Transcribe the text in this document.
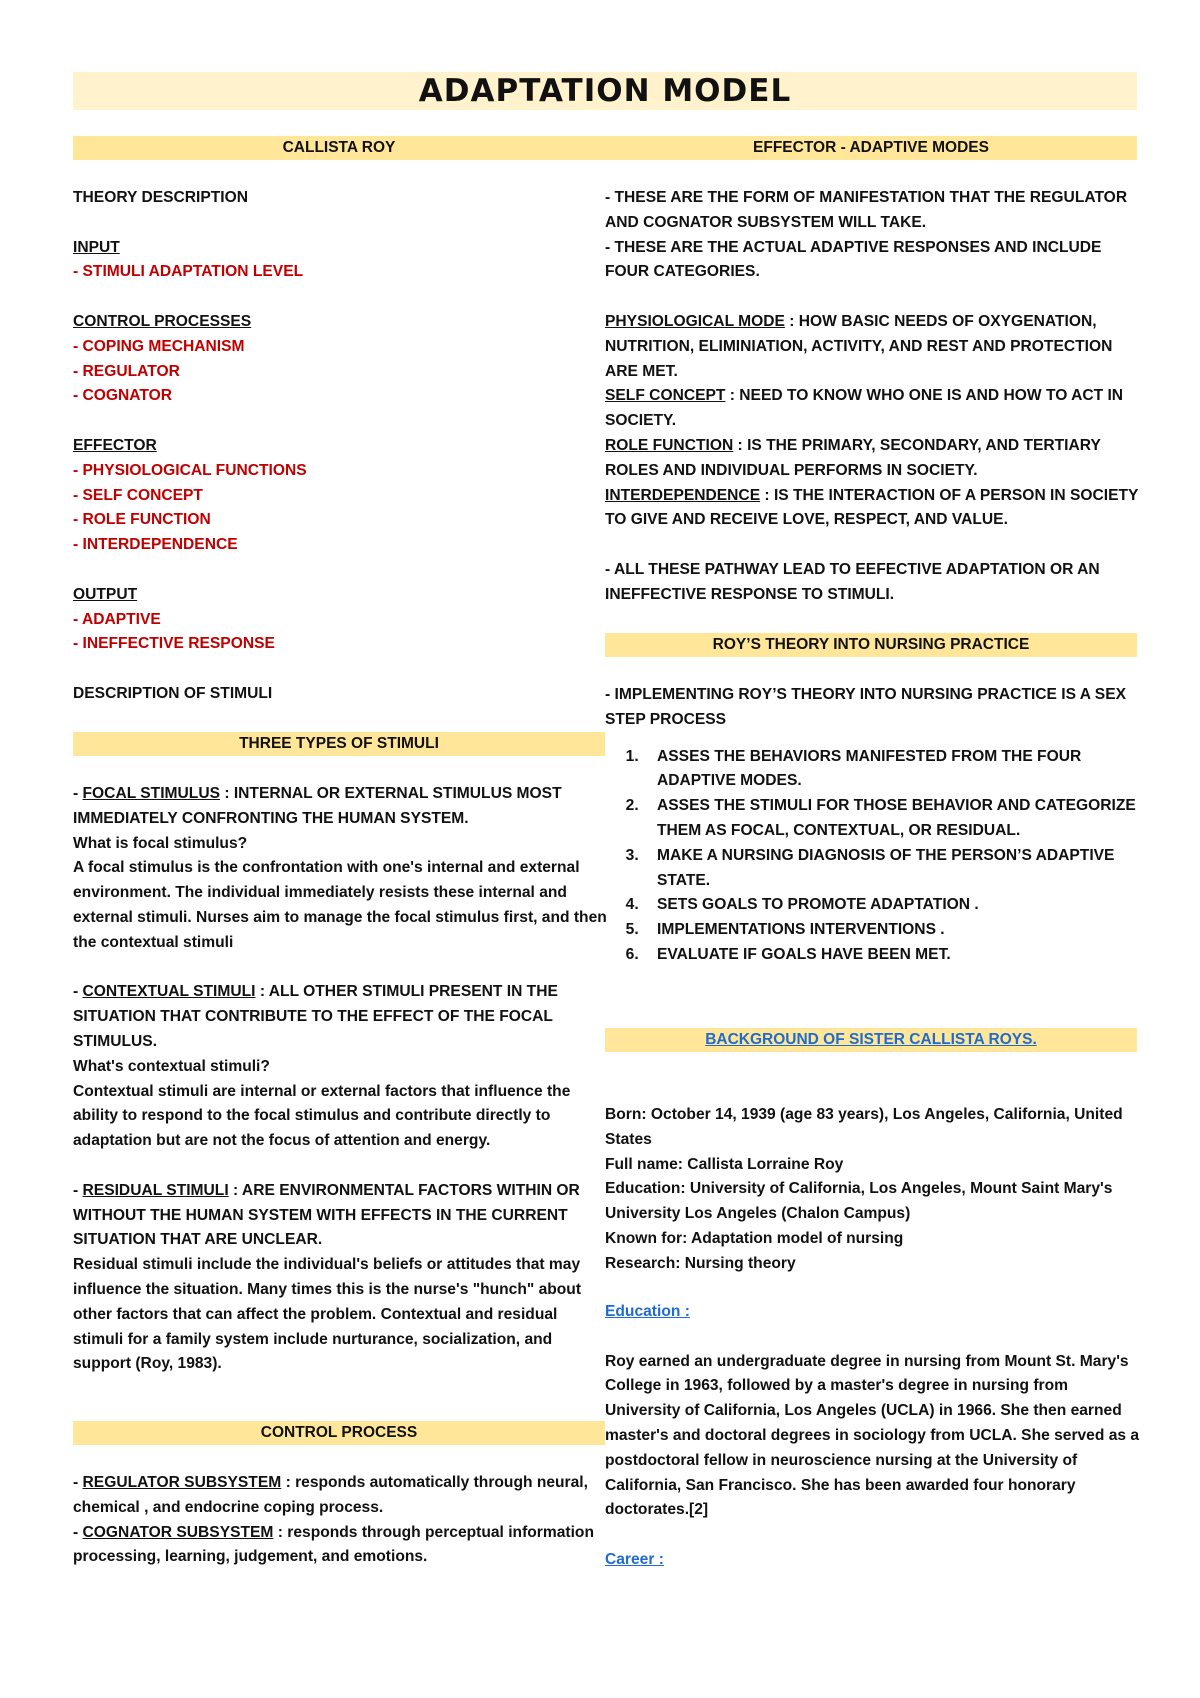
ADAPTATION MODEL
CALLISTA ROY	EFFECTOR - ADAPTIVE MODES

THEORY DESCRIPTION

INPUT

- STIMULI ADAPTATION LEVEL

CONTROL PROCESSES

- COPING MECHANISM

- REGULATOR

- COGNATOR

EFFECTOR

- PHYSIOLOGICAL FUNCTIONS

- SELF CONCEPT

- ROLE FUNCTION

- INTERDEPENDENCE

OUTPUT

- ADAPTIVE

- INEFFECTIVE RESPONSE

DESCRIPTION OF STIMULI

THREE TYPES OF STIMULI

- FOCAL STIMULUS : INTERNAL OR EXTERNAL STIMULUS MOST IMMEDIATELY CONFRONTING THE HUMAN SYSTEM.

What is focal stimulus?

A focal stimulus is the confrontation with one's internal and external environment. The individual immediately resists these internal and external stimuli. Nurses aim to manage the focal stimulus first, and then the contextual stimuli

- CONTEXTUAL STIMULI : ALL OTHER STIMULI PRESENT IN THE SITUATION THAT CONTRIBUTE TO THE EFFECT OF THE FOCAL STIMULUS.

What's contextual stimuli?

Contextual stimuli are internal or external factors that influence the ability to respond to the focal stimulus and contribute directly to adaptation but are not the focus of attention and energy.

- RESIDUAL STIMULI : ARE ENVIRONMENTAL FACTORS WITHIN OR WITHOUT THE HUMAN SYSTEM WITH EFFECTS IN THE CURRENT SITUATION THAT ARE UNCLEAR.

Residual stimuli include the individual's beliefs or attitudes that may influence the situation. Many times this is the nurse's "hunch" about other factors that can affect the problem. Contextual and residual stimuli for a family system include nurturance, socialization, and support (Roy, 1983).

CONTROL PROCESS

- REGULATOR SUBSYSTEM : responds automatically through neural, chemical , and endocrine coping process.

- COGNATOR SUBSYSTEM : responds through perceptual information processing, learning, judgement, and emotions.

- THESE ARE THE FORM OF MANIFESTATION THAT THE REGULATOR AND COGNATOR SUBSYSTEM WILL TAKE.

- THESE ARE THE ACTUAL ADAPTIVE RESPONSES AND INCLUDE FOUR CATEGORIES.

PHYSIOLOGICAL MODE : HOW BASIC NEEDS OF OXYGENATION, NUTRITION, ELIMINIATION, ACTIVITY, AND REST AND PROTECTION ARE MET.

SELF CONCEPT : NEED TO KNOW WHO ONE IS AND HOW TO ACT IN SOCIETY.

ROLE FUNCTION : IS THE PRIMARY, SECONDARY, AND TERTIARY ROLES AND INDIVIDUAL PERFORMS IN SOCIETY.

INTERDEPENDENCE : IS THE INTERACTION OF A PERSON IN SOCIETY TO GIVE AND RECEIVE LOVE, RESPECT, AND VALUE.

- ALL THESE PATHWAY LEAD TO EEFECTIVE ADAPTATION OR AN INEFFECTIVE RESPONSE TO STIMULI.

ROY’S THEORY INTO NURSING PRACTICE

- IMPLEMENTING ROY’S THEORY INTO NURSING PRACTICE IS A SEX STEP PROCESS

1. ASSES THE BEHAVIORS MANIFESTED FROM THE FOUR ADAPTIVE MODES.
2. ASSES THE STIMULI FOR THOSE BEHAVIOR AND CATEGORIZE THEM AS FOCAL, CONTEXTUAL, OR RESIDUAL.
3. MAKE A NURSING DIAGNOSIS OF THE PERSON’S ADAPTIVE STATE.
4. SETS GOALS TO PROMOTE ADAPTATION .
5. IMPLEMENTATIONS INTERVENTIONS .
6. EVALUATE IF GOALS HAVE BEEN MET.
BACKGROUND OF SISTER CALLISTA ROYS.

Born: October 14, 1939 (age 83 years), Los Angeles, California, United States

Full name: Callista Lorraine Roy

Education: University of California, Los Angeles, Mount Saint Mary's University Los Angeles (Chalon Campus)

Known for: Adaptation model of nursing

Research: Nursing theory

Education :

Roy earned an undergraduate degree in nursing from Mount St. Mary's College in 1963, followed by a master's degree in nursing from University of California, Los Angeles (UCLA) in 1966. She then earned master's and doctoral degrees in sociology from UCLA. She served as a postdoctoral fellow in neuroscience nursing at the University of California, San Francisco. She has been awarded four honorary doctorates.[2]

Career :
